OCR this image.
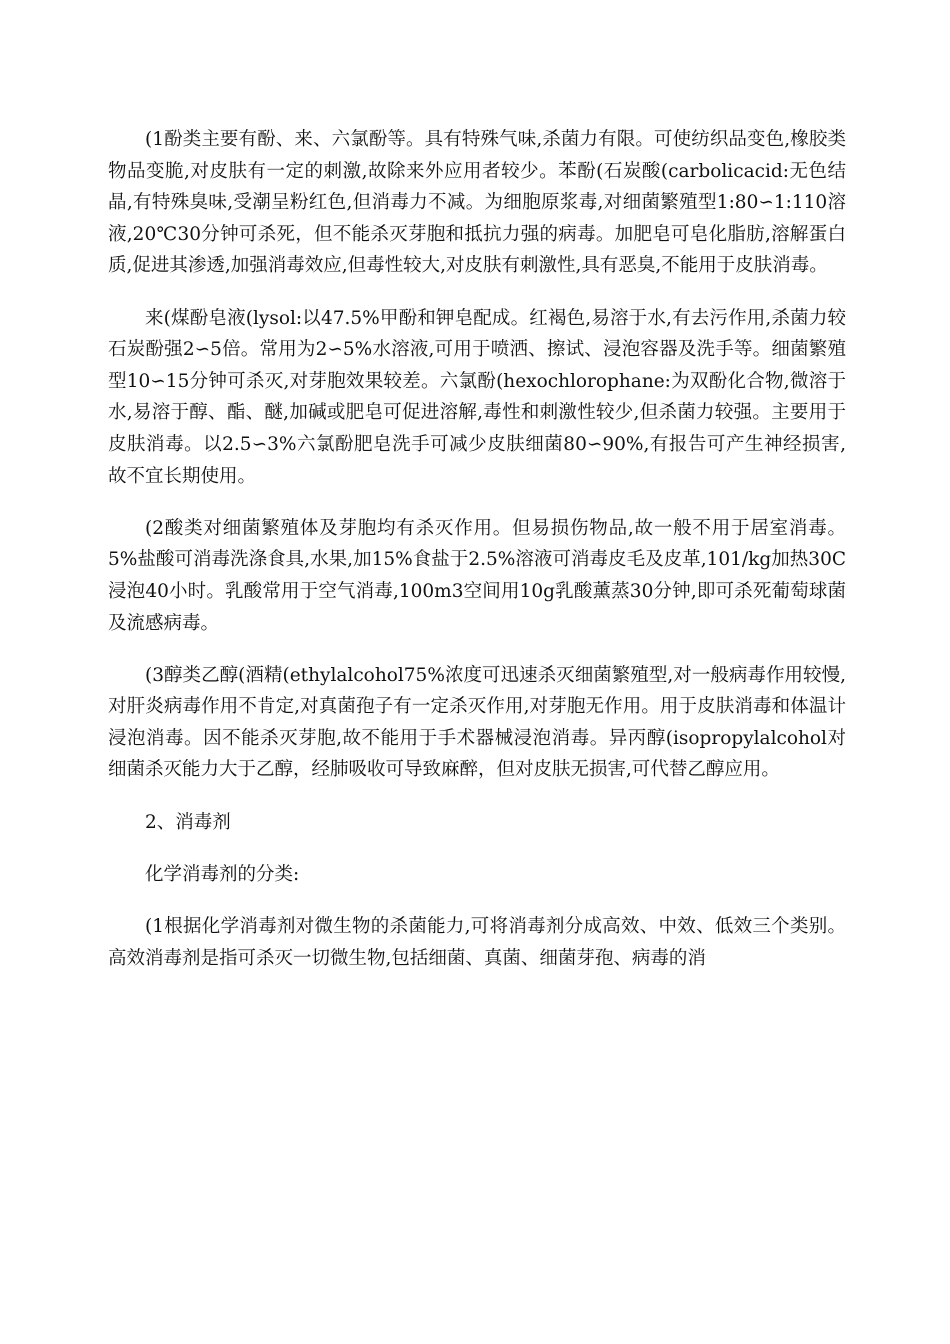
(1酚类主要有酚、来、六氯酚等。具有特殊气味,杀菌力有限。可使纺织品变色,橡胶类物品变脆,对皮肤有一定的刺激,故除来外应用者较少。苯酚(石炭酸(carbolicacid:无色结晶,有特殊臭味,受潮呈粉红色,但消毒力不减。为细胞原浆毒,对细菌繁殖型1:80∽1:110溶液,20℃30分钟可杀死，但不能杀灭芽胞和抵抗力强的病毒。加肥皂可皂化脂肪,溶解蛋白质,促进其渗透,加强消毒效应,但毒性较大,对皮肤有刺激性,具有恶臭,不能用于皮肤消毒。

来(煤酚皂液(lysol:以47.5%甲酚和钾皂配成。红褐色,易溶于水,有去污作用,杀菌力较石炭酚强2∽5倍。常用为2∽5%水溶液,可用于喷洒、擦试、浸泡容器及洗手等。细菌繁殖型10∽15分钟可杀灭,对芽胞效果较差。六氯酚(hexochlorophane:为双酚化合物,微溶于水,易溶于醇、酯、醚,加碱或肥皂可促进溶解,毒性和刺激性较少,但杀菌力较强。主要用于皮肤消毒。以2.5∽3%六氯酚肥皂洗手可减少皮肤细菌80∽90%,有报告可产生神经损害,故不宜长期使用。

(2酸类对细菌繁殖体及芽胞均有杀灭作用。但易损伤物品,故一般不用于居室消毒。5%盐酸可消毒洗涤食具,水果,加15%食盐于2.5%溶液可消毒皮毛及皮革,101/kg加热30C浸泡40小时。乳酸常用于空气消毒,100m3空间用10g乳酸薰蒸30分钟,即可杀死葡萄球菌及流感病毒。

(3醇类乙醇(酒精(ethylalcohol75%浓度可迅速杀灭细菌繁殖型,对一般病毒作用较慢,对肝炎病毒作用不肯定,对真菌孢子有一定杀灭作用,对芽胞无作用。用于皮肤消毒和体温计浸泡消毒。因不能杀灭芽胞,故不能用于手术器械浸泡消毒。异丙醇(isopropylalcohol对细菌杀灭能力大于乙醇，经肺吸收可导致麻醉，但对皮肤无损害,可代替乙醇应用。

2、消毒剂

化学消毒剂的分类:

(1根据化学消毒剂对微生物的杀菌能力,可将消毒剂分成高效、中效、低效三个类别。高效消毒剂是指可杀灭一切微生物,包括细菌、真菌、细菌芽孢、病毒的消
